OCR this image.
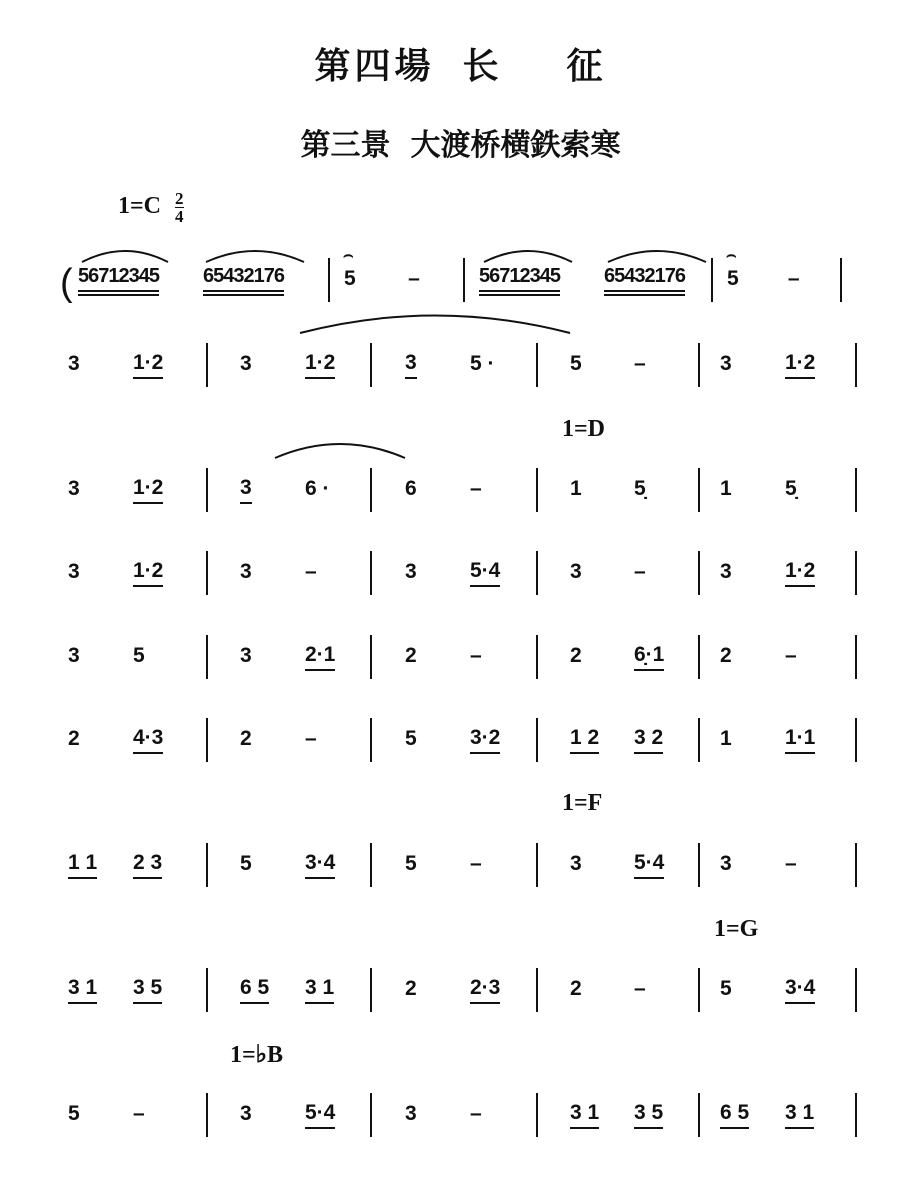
第四場 长 征
第三景 大渡桥横鉄索寒
$1=C \frac{2}{4}$
1=D
1=F
1=G
1=♭B
( 56712345	65432176	⌢ 5	–	56712345	65432176 ⌢ 5	–
3	1·2	3	1·2	3	5 ·	5	–	3	1·2
3	1·2	3	6 ·	6	–	1	5̣	1	5̣
3	1·2	3	–	3	5·4	3	–	3	1·2
3	5	3	2·1	2	–	2	6̣·1	2	–
2	4·3	2	–	5	3·2	1 2	3 2	1	1·1
1 1	2 3	5	3·4	5	–	3	5·4	3	–
3 1	3 5	6 5	3 1	2	2·3	2	–	5	3·4
5	–	3	5·4	3	–	3 1	3 5	6 5	3 1
